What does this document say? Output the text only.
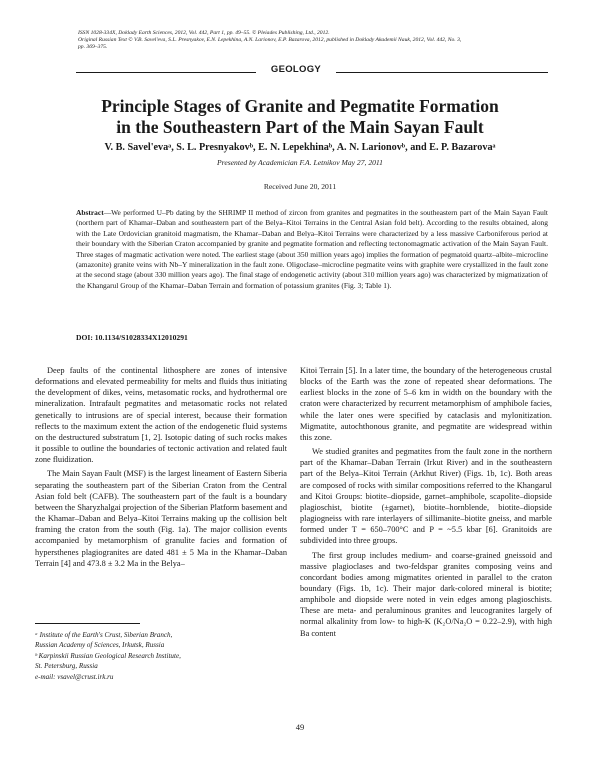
ISSN 1028-334X, Doklady Earth Sciences, 2012, Vol. 442, Part 1, pp. 49–55. © Pleiades Publishing, Ltd., 2012.
Original Russian Text © V.B. Savel'eva, S.L. Presnyakov, E.N. Lepekhina, A.N. Larionov, E.P. Bazarova, 2012, published in Doklady Akademii Nauk, 2012, Vol. 442, No. 3,
pp. 369–375.
GEOLOGY
Principle Stages of Granite and Pegmatite Formation
in the Southeastern Part of the Main Sayan Fault
V. B. Savel'evaᵃ, S. L. Presnyakovᵇ, E. N. Lepekhinaᵇ, A. N. Larionovᵇ, and E. P. Bazarovaᵃ
Presented by Academician F.A. Letnikov May 27, 2011
Received June 20, 2011
Abstract—We performed U–Pb dating by the SHRIMP II method of zircon from granites and pegmatites in the southeastern part of the Main Sayan Fault (northern part of Khamar–Daban and southeastern part of the Belya–Kitoi Terrains in the Central Asian fold belt). According to the results obtained, along with the Late Ordovician granitoid magmatism, the Khamar–Daban and Belya–Kitoi Terrains were characterized by a less massive Carboniferous period at their boundary with the Siberian Craton accompanied by granite and pegmatite formation and reflecting tectonomagmatic activation of the Main Sayan Fault. Three stages of magmatic activation were noted. The earliest stage (about 350 million years ago) implies the formation of pegmatoid quartz–albite–microcline (amazonite) granite veins with Nb–Y mineralization in the fault zone. Oligoclase–microcline pegmatite veins with graphite were crystallized in the fault zone at the second stage (about 330 million years ago). The final stage of endogenetic activity (about 310 million years ago) was characterized by migmatization of the Khangarul Group of the Khamar–Daban Terrain and formation of potassium granites (Fig. 3; Table 1).
DOI: 10.1134/S1028334X12010291

Deep faults of the continental lithosphere are zones of intensive deformations and elevated permeability for melts and fluids thus initiating the development of dikes, veins, metasomatic rocks, and hydrothermal ore mineralization. Intrafault pegmatites and metasomatic rocks not related genetically to intrusions are of special interest, because their formation reflects to the maximum extent the action of the endogenetic fluid systems on the destructured substratum [1, 2]. Isotopic dating of such rocks makes it possible to outline the boundaries of tectonic activation and related fault zone fluidization.

The Main Sayan Fault (MSF) is the largest lineament of Eastern Siberia separating the southeastern part of the Siberian Craton from the Central Asian fold belt (CAFB). The southeastern part of the fault is a boundary between the Sharyzhalgai projection of the Siberian Platform basement and the Khamar–Daban and Belya–Kitoi Terrains making up the collision belt framing the craton from the south (Fig. 1a). The major collision events accompanied by metamorphism of granulite facies and formation of hypersthenes plagiogranites are dated 481 ± 5 Ma in the Khamar–Daban Terrain [4] and 473.8 ± 3.2 Ma in the Belya–

Kitoi Terrain [5]. In a later time, the boundary of the heterogeneous crustal blocks of the Earth was the zone of repeated shear deformations. The earliest blocks in the zone of 5–6 km in width on the boundary with the craton were characterized by recurrent metamorphism of amphibole facies, while the later ones were specified by cataclasis and mylonitization. Migmatite, autochthonous granite, and pegmatite are widespread within this zone.

We studied granites and pegmatites from the fault zone in the northern part of the Khamar–Daban Terrain (Irkut River) and in the southeastern part of the Belya–Kitoi Terrain (Arkhut River) (Figs. 1b, 1c). Both areas are composed of rocks with similar compositions referred to the Khangarul and Kitoi Groups: biotite–diopside, garnet–amphibole, scapolite–diopside plagioschist, biotite (±garnet), biotite–hornblende, biotite–diopside plagiogneiss with rare interlayers of sillimanite–biotite gneiss, and marble formed under T = 650–700°C and P = ~5.5 kbar [6]. Granitoids are subdivided into three groups.

The first group includes medium- and coarse-grained gneissoid and massive plagioclases and two-feldspar granites composing veins and concordant bodies among migmatites oriented in parallel to the craton boundary (Figs. 1b, 1c). Their major dark-colored mineral is biotite; amphibole and diopside were noted in vein edges among plagioschists. These are meta- and peraluminous granites and leucogranites largely of normal alkalinity from low- to high-K (K₂O/Na₂O = 0.22–2.9), with high Ba content

ᵃ Institute of the Earth's Crust, Siberian Branch,
Russian Academy of Sciences, Irkutsk, Russia
ᵇ Karpinskii Russian Geological Research Institute,
St. Petersburg, Russia
e-mail: vsavel@crust.irk.ru
49
